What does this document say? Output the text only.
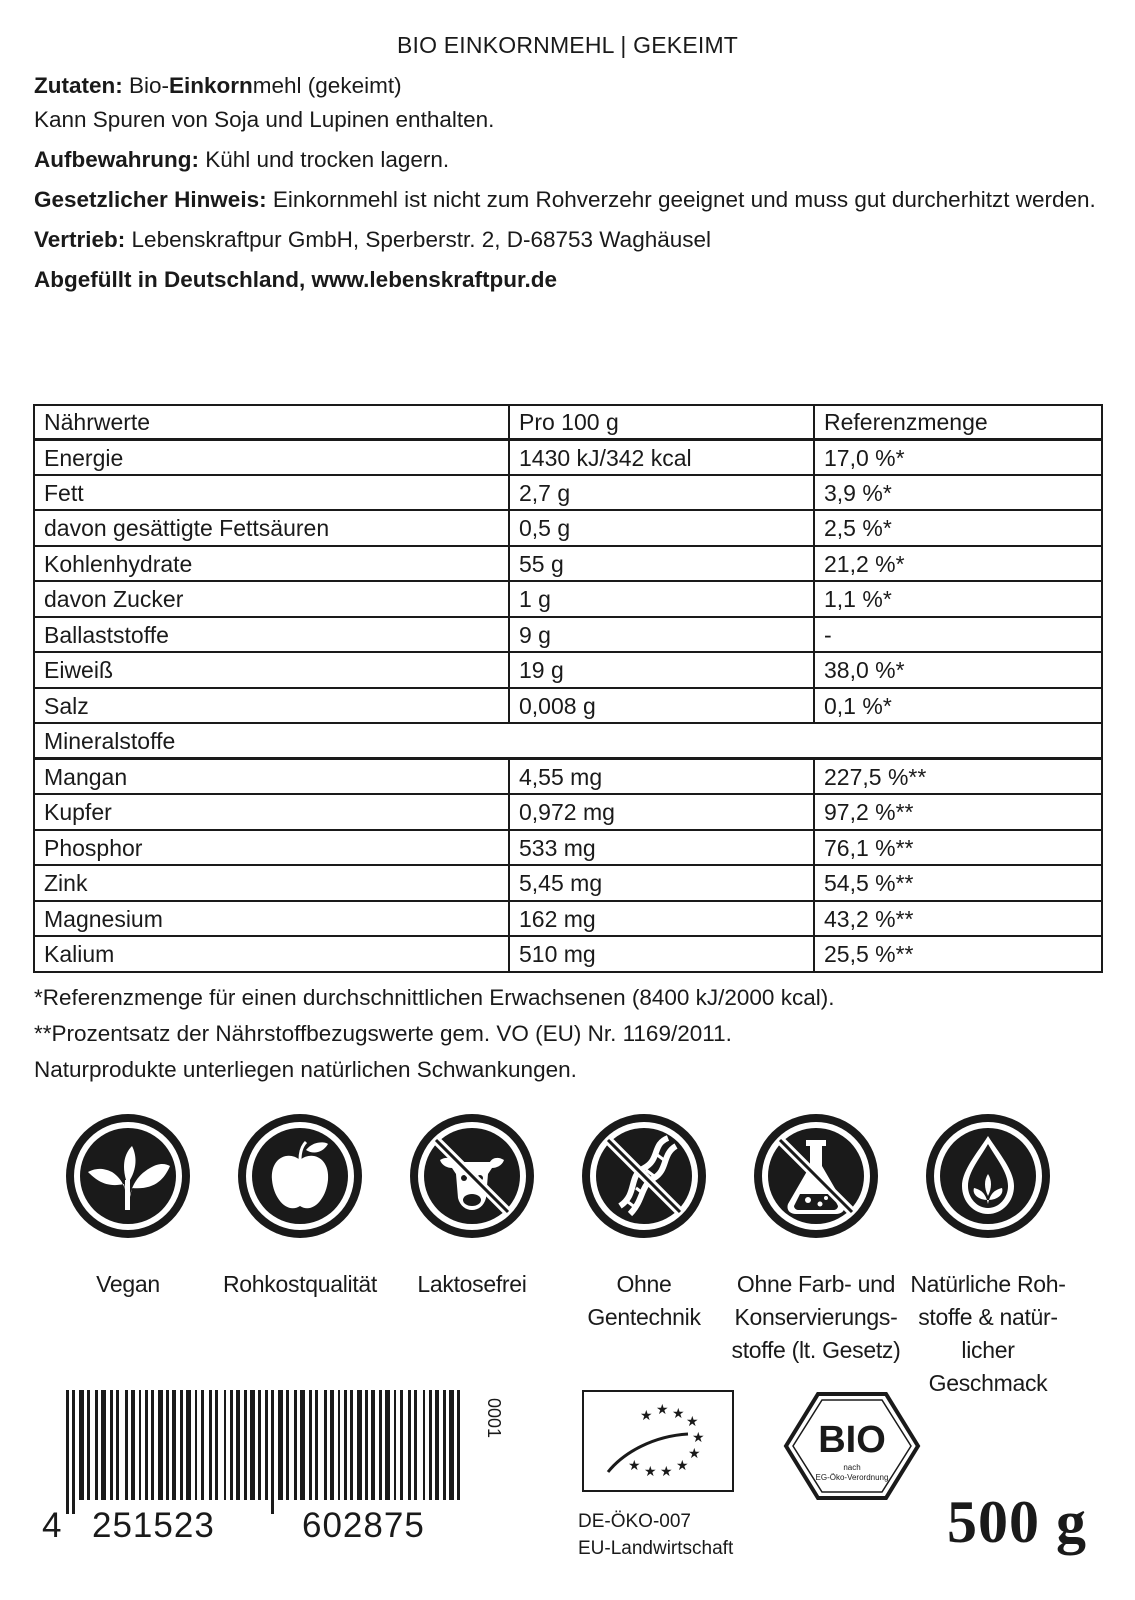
BIO EINKORNMEHL | GEKEIMT
Zutaten: Bio-Einkornmehl (gekeimt)
Kann Spuren von Soja und Lupinen enthalten.
Aufbewahrung: Kühl und trocken lagern.
Gesetzlicher Hinweis: Einkornmehl ist nicht zum Rohverzehr geeignet und muss gut durcherhitzt werden.
Vertrieb: Lebenskraftpur GmbH, Sperberstr. 2, D-68753 Waghäusel
Abgefüllt in Deutschland, www.lebenskraftpur.de
Nährwerte	Pro 100 g	Referenzmenge
Energie	1430 kJ/342 kcal	17,0 %*
Fett	2,7 g	3,9 %*
davon gesättigte Fettsäuren	0,5 g	2,5 %*
Kohlenhydrate	55 g	21,2 %*
davon Zucker	1 g	1,1 %*
Ballaststoffe	9 g	-
Eiweiß	19 g	38,0 %*
Salz	0,008 g	0,1 %*
Mineralstoffe		
Mangan	4,55 mg	227,5 %**
Kupfer	0,972 mg	97,2 %**
Phosphor	533 mg	76,1 %**
Zink	5,45 mg	54,5 %**
Magnesium	162 mg	43,2 %**
Kalium	510 mg	25,5 %**
*Referenzmenge für einen durchschnittlichen Erwachsenen (8400 kJ/2000 kcal).
**Prozentsatz der Nährstoffbezugswerte gem. VO (EU) Nr. 1169/2011.
Naturprodukte unterliegen natürlichen Schwankungen.
Vegan	Rohkostqualität	Laktosefrei	Ohne
Gentechnik
Ohne Farb- und
Konservierungs-
stoffe (lt. Gesetz)
Natürliche Roh-
stoffe & natür-
licher Geschmack
4 251523 602875
0001	★ ★ ★ ★
★
★
★
★
★
★
DE-ÖKO-007
EU-Landwirtschaft
BIO
nach
EG-Öko-Verordnung
500 g
